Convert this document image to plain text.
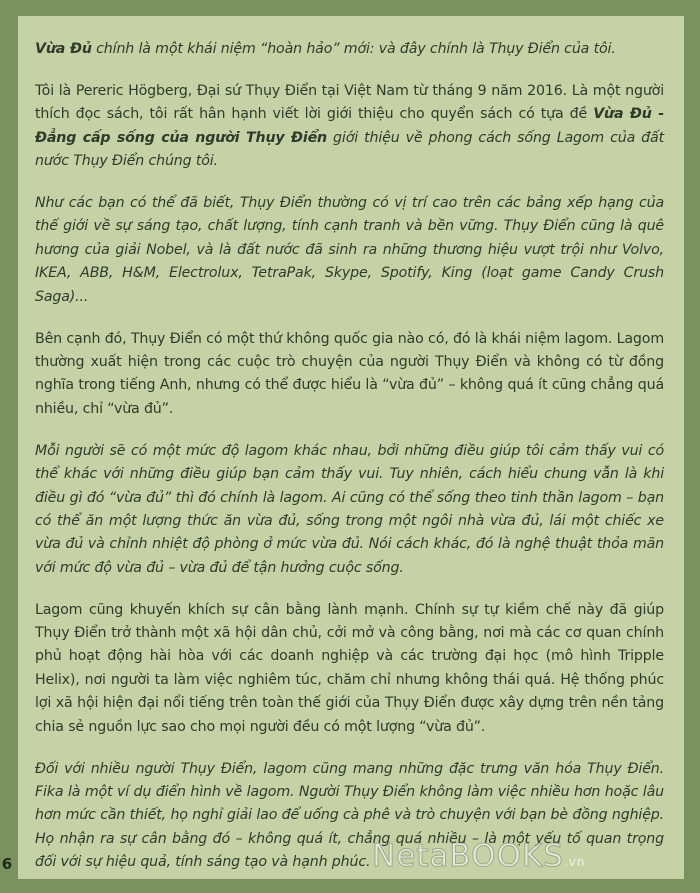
Vừa Đủ chính là một khái niệm “hoàn hảo” mới: và đây chính là Thụy Điển của tôi.
Tôi là Pereric Högberg, Đại sứ Thụy Điển tại Việt Nam từ tháng 9 năm 2016. Là một người thích đọc sách, tôi rất hân hạnh viết lời giới thiệu cho quyển sách có tựa đề Vừa Đủ - Đẳng cấp sống của người Thụy Điển giới thiệu về phong cách sống Lagom của đất nước Thụy Điển chúng tôi.
Như các bạn có thể đã biết, Thụy Điển thường có vị trí cao trên các bảng xếp hạng của thế giới về sự sáng tạo, chất lượng, tính cạnh tranh và bền vững. Thụy Điển cũng là quê hương của giải Nobel, và là đất nước đã sinh ra những thương hiệu vượt trội như Volvo, IKEA, ABB, H&M, Electrolux, TetraPak, Skype, Spotify, King (loạt game Candy Crush Saga)...
Bên cạnh đó, Thụy Điển có một thứ không quốc gia nào có, đó là khái niệm lagom. Lagom thường xuất hiện trong các cuộc trò chuyện của người Thụy Điển và không có từ đồng nghĩa trong tiếng Anh, nhưng có thể được hiểu là “vừa đủ” – không quá ít cũng chẳng quá nhiều, chỉ “vừa đủ”.
Mỗi người sẽ có một mức độ lagom khác nhau, bởi những điều giúp tôi cảm thấy vui có thể khác với những điều giúp bạn cảm thấy vui. Tuy nhiên, cách hiểu chung vẫn là khi điều gì đó “vừa đủ” thì đó chính là lagom. Ai cũng có thể sống theo tinh thần lagom – bạn có thể ăn một lượng thức ăn vừa đủ, sống trong một ngôi nhà vừa đủ, lái một chiếc xe vừa đủ và chỉnh nhiệt độ phòng ở mức vừa đủ. Nói cách khác, đó là nghệ thuật thỏa mãn với mức độ vừa đủ – vừa đủ để tận hưởng cuộc sống.
Lagom cũng khuyến khích sự cân bằng lành mạnh. Chính sự tự kiềm chế này đã giúp Thụy Điển trở thành một xã hội dân chủ, cởi mở và công bằng, nơi mà các cơ quan chính phủ hoạt động hài hòa với các doanh nghiệp và các trường đại học (mô hình Tripple Helix), nơi người ta làm việc nghiêm túc, chăm chỉ nhưng không thái quá. Hệ thống phúc lợi xã hội hiện đại nổi tiếng trên toàn thế giới của Thụy Điển được xây dựng trên nền tảng chia sẻ nguồn lực sao cho mọi người đều có một lượng “vừa đủ”.
Đối với nhiều người Thụy Điển, lagom cũng mang những đặc trưng văn hóa Thụy Điển. Fika là một ví dụ điển hình về lagom. Người Thụy Điển không làm việc nhiều hơn hoặc lâu hơn mức cần thiết, họ nghỉ giải lao để uống cà phê và trò chuyện với bạn bè đồng nghiệp. Họ nhận ra sự cân bằng đó – không quá ít, chẳng quá nhiều – là một yếu tố quan trọng đối với sự hiệu quả, tính sáng tạo và hạnh phúc.
6	NetaBOOKS.vn
